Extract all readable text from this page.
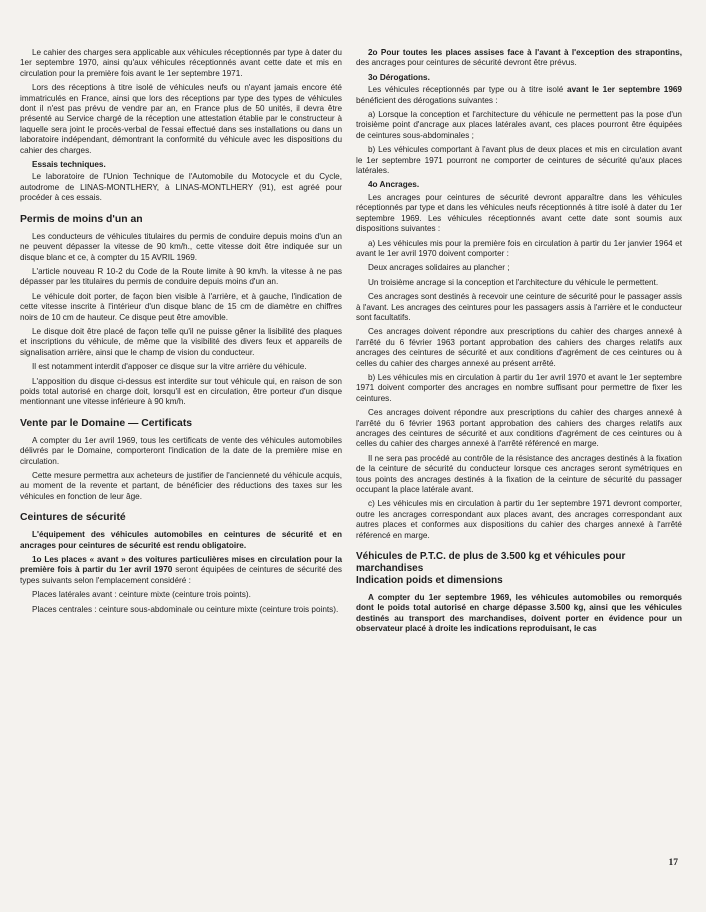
Le cahier des charges sera applicable aux véhicules réceptionnés par type à dater du 1er septembre 1970, ainsi qu'aux véhicules réceptionnés avant cette date et mis en circulation pour la première fois avant le 1er septembre 1971.

Lors des réceptions à titre isolé de véhicules neufs ou n'ayant jamais encore été immatriculés en France, ainsi que lors des réceptions par type des types de véhicules dont il n'est pas prévu de vendre par an, en France plus de 50 unités, il devra être présenté au Service chargé de la réception une attestation établie par le constructeur à laquelle sera joint le procès-verbal de l'essai effectué dans ses installations ou dans un laboratoire indépendant, démontrant la conformité du véhicule avec les dispositions du cahier des charges.

Essais techniques.

Le laboratoire de l'Union Technique de l'Automobile du Motocycle et du Cycle, autodrome de LINAS-MONTLHERY, à LINAS-MONTLHERY (91), est agréé pour procéder à ces essais.

Permis de moins d'un an

Les conducteurs de véhicules titulaires du permis de conduire depuis moins d'un an ne peuvent dépasser la vitesse de 90 km/h., cette vitesse doit être indiquée sur un disque blanc et ce, à compter du 15 AVRIL 1969.

L'article nouveau R 10-2 du Code de la Route limite à 90 km/h. la vitesse à ne pas dépasser par les titulaires du permis de conduire depuis moins d'un an.

Le véhicule doit porter, de façon bien visible à l'arrière, et à gauche, l'indication de cette vitesse inscrite à l'intérieur d'un disque blanc de 15 cm de diamètre en chiffres noirs de 10 cm de hauteur. Ce disque peut être amovible.

Le disque doit être placé de façon telle qu'il ne puisse gêner la lisibilité des plaques et inscriptions du véhicule, de même que la visibilité des divers feux et appareils de signalisation arrière, ainsi que le champ de vision du conducteur.

Il est notamment interdit d'apposer ce disque sur la vitre arrière du véhicule.

L'apposition du disque ci-dessus est interdite sur tout véhicule qui, en raison de son poids total autorisé en charge doit, lorsqu'il est en circulation, être porteur d'un disque mentionnant une vitesse inférieure à 90 km/h.

Vente par le Domaine — Certificats

A compter du 1er avril 1969, tous les certificats de vente des véhicules automobiles délivrés par le Domaine, comporteront l'indication de la date de la première mise en circulation.

Cette mesure permettra aux acheteurs de justifier de l'ancienneté du véhicule acquis, au moment de la revente et partant, de bénéficier des réductions des taxes sur les véhicules en fonction de leur âge.

Ceintures de sécurité

L'équipement des véhicules automobiles en ceintures de sécurité et en ancrages pour ceintures de sécurité est rendu obligatoire.

1o Les places « avant » des voitures particulières mises en circulation pour la première fois à partir du 1er avril 1970 seront équipées de ceintures de sécurité des types suivants selon l'emplacement considéré :

Places latérales avant : ceinture mixte (ceinture trois points).

Places centrales : ceinture sous-abdominale ou ceinture mixte (ceinture trois points).

2o Pour toutes les places assises face à l'avant à l'exception des strapontins, des ancrages pour ceintures de sécurité devront être prévus.

3o Dérogations.

Les véhicules réceptionnés par type ou à titre isolé avant le 1er septembre 1969 bénéficient des dérogations suivantes :

a) Lorsque la conception et l'architecture du véhicule ne permettent pas la pose d'un troisième point d'ancrage aux places latérales avant, ces places pourront être équipées de ceintures sous-abdominales ;

b) Les véhicules comportant à l'avant plus de deux places et mis en circulation avant le 1er septembre 1971 pourront ne comporter de ceintures de sécurité qu'aux places latérales.

4o Ancrages.

Les ancrages pour ceintures de sécurité devront apparaître dans les véhicules réceptionnés par type et dans les véhicules neufs réceptionnés à titre isolé à dater du 1er septembre 1969. Les véhicules réceptionnés avant cette date sont soumis aux dispositions suivantes :

a) Les véhicules mis pour la première fois en circulation à partir du 1er janvier 1964 et avant le 1er avril 1970 doivent comporter :

Deux ancrages solidaires au plancher ;

Un troisième ancrage si la conception et l'architecture du véhicule le permettent.

Ces ancrages sont destinés à recevoir une ceinture de sécurité pour le passager assis à l'avant. Les ancrages des ceintures pour les passagers assis à l'arrière et le conducteur sont facultatifs.

Ces ancrages doivent répondre aux prescriptions du cahier des charges annexé à l'arrêté du 6 février 1963 portant approbation des cahiers des charges relatifs aux ancrages des ceintures de sécurité et aux conditions d'agrément de ces ceintures ou à celles du cahier des charges annexé au présent arrêté.

b) Les véhicules mis en circulation à partir du 1er avril 1970 et avant le 1er septembre 1971 doivent comporter des ancrages en nombre suffisant pour permettre de fixer les ceintures.

Ces ancrages doivent répondre aux prescriptions du cahier des charges annexé à l'arrêté du 6 février 1963 portant approbation des cahiers des charges relatifs aux ancrages des ceintures de sécurité et aux conditions d'agrément de ces ceintures ou à celles du cahier des charges annexé à l'arrêté référencé en marge.

Il ne sera pas procédé au contrôle de la résistance des ancrages destinés à la fixation de la ceinture de sécurité du conducteur lorsque ces ancrages seront symétriques en tous points des ancrages destinés à la fixation de la ceinture de sécurité du passager occupant la place latérale avant.

c) Les véhicules mis en circulation à partir du 1er septembre 1971 devront comporter, outre les ancrages correspondant aux places avant, des ancrages correspondant aux autres places et conformes aux dispositions du cahier des charges annexé à l'arrêté référencé en marge.

Véhicules de P.T.C. de plus de 3.500 kg et véhicules pour marchandises
Indication poids et dimensions

A compter du 1er septembre 1969, les véhicules automobiles ou remorqués dont le poids total autorisé en charge dépasse 3.500 kg, ainsi que les véhicules destinés au transport des marchandises, doivent porter en évidence pour un observateur placé à droite les indications reproduisant, le cas

17
